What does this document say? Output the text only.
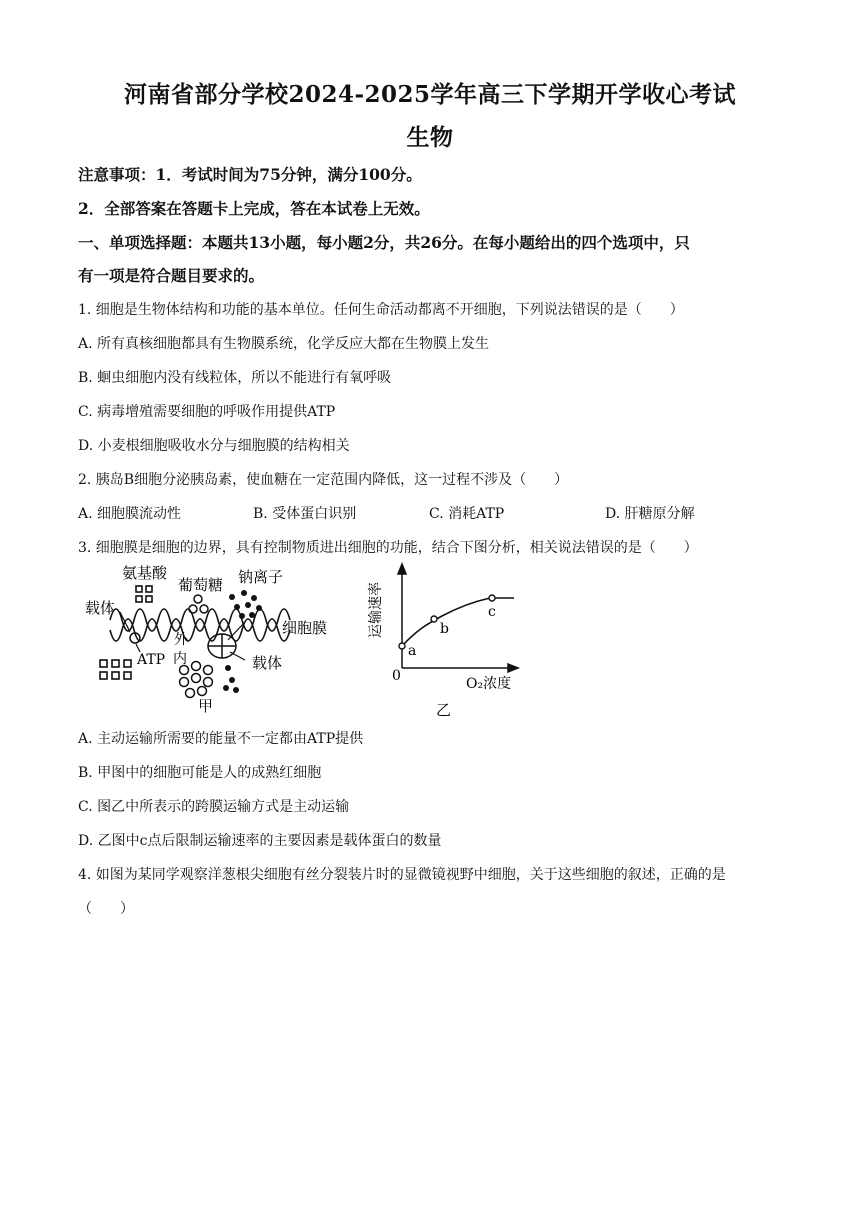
河南省部分学校2024-2025学年高三下学期开学收心考试
生物
注意事项：1．考试时间为75分钟，满分100分。
2．全部答案在答题卡上完成，答在本试卷上无效。
一、单项选择题：本题共13小题，每小题2分，共26分。在每小题给出的四个选项中，只
有一项是符合题目要求的。
1. 细胞是生物体结构和功能的基本单位。任何生命活动都离不开细胞，下列说法错误的是（　　）
A. 所有真核细胞都具有生物膜系统，化学反应大都在生物膜上发生
B. 蛔虫细胞内没有线粒体，所以不能进行有氧呼吸
C. 病毒增殖需要细胞的呼吸作用提供ATP
D. 小麦根细胞吸收水分与细胞膜的结构相关
2. 胰岛B细胞分泌胰岛素，使血糖在一定范围内降低，这一过程不涉及（　　）
A. 细胞膜流动性	B. 受体蛋白识别	C. 消耗ATP	D. 肝糖原分解
3. 细胞膜是细胞的边界，具有控制物质进出细胞的功能，结合下图分析，相关说法错误的是（　　）
氨基酸
葡萄糖 钠离子
载体
细胞膜
外
内
ATP	载体
甲
运输速率
O₂浓度
0
a
b
c
乙
A. 主动运输所需要的能量不一定都由ATP提供
B. 甲图中的细胞可能是人的成熟红细胞
C. 图乙中所表示的跨膜运输方式是主动运输
D. 乙图中c点后限制运输速率的主要因素是载体蛋白的数量
4. 如图为某同学观察洋葱根尖细胞有丝分裂装片时的显微镜视野中细胞，关于这些细胞的叙述，正确的是
（　　）
